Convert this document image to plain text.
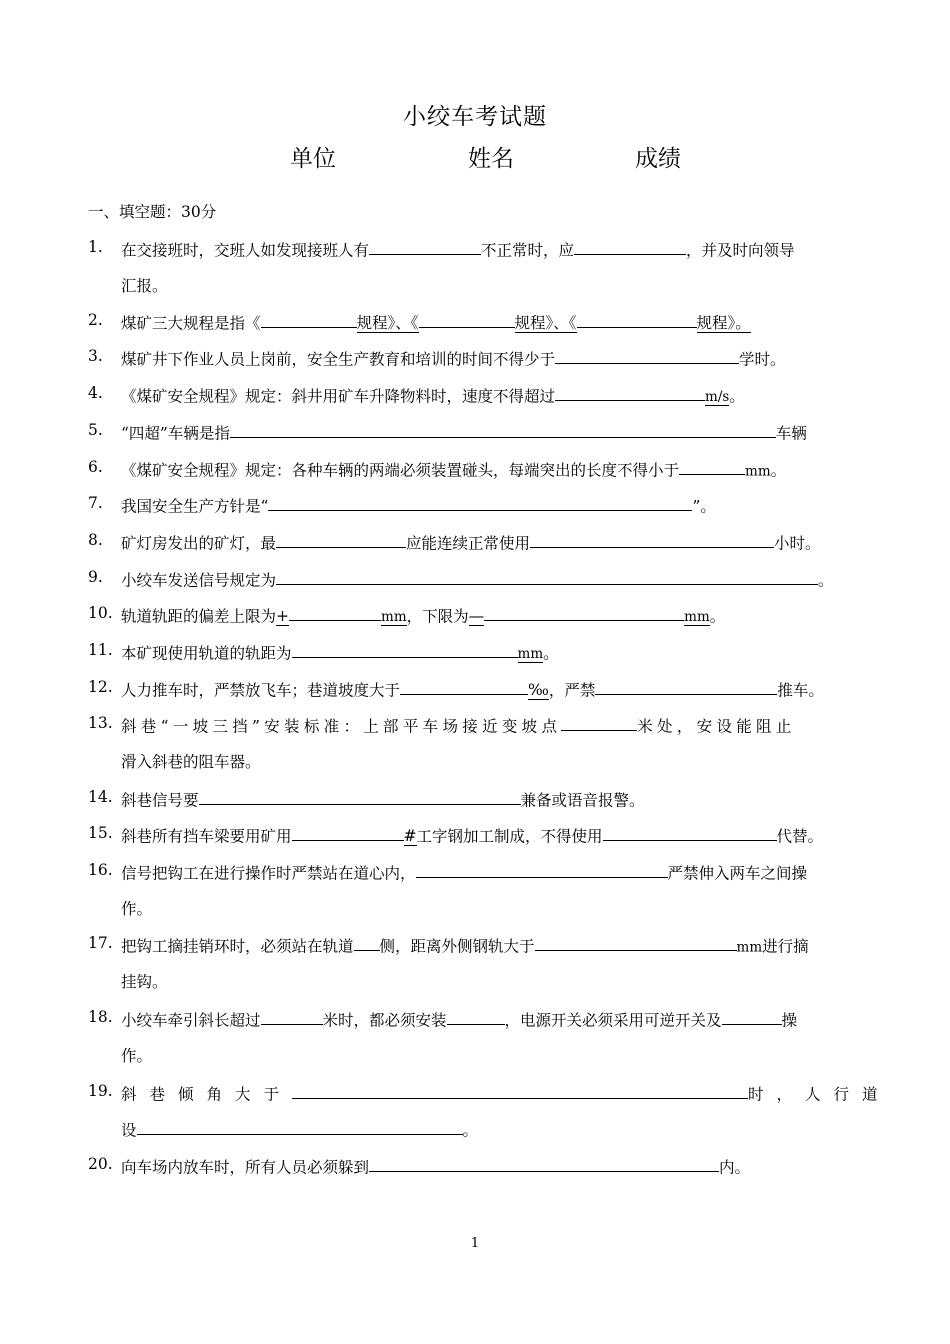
小绞车考试题
单位	姓名	成绩
一、填空题：30分
1.	在交接班时，交班人如发现接班人有	不正常时，应	，并及时向领导
汇报。
2.	煤矿三大规程是指《	规程》、《	规程》、《	规程》。
3.	煤矿井下作业人员上岗前，安全生产教育和培训的时间不得少于	学时。
4.	《煤矿安全规程》规定：斜井用矿车升降物料时，速度不得超过	m/s。
5.	“四超”车辆是指	车辆
6.	《煤矿安全规程》规定：各种车辆的两端必须装置碰头，每端突出的长度不得小于	mm。
7.	我国安全生产方针是“	”。
8.	矿灯房发出的矿灯，最	应能连续正常使用	小时。
9.	小绞车发送信号规定为	。
10. 轨道轨距的偏差上限为+	mm，下限为—	mm。
11. 本矿现使用轨道的轨距为	mm。
12. 人力推车时，严禁放飞车；巷道坡度大于	‰，严禁	推车。
13. 斜巷“一坡三挡”安装标准：上部平车场接近变坡点	米处，安设能阻止
滑入斜巷的阻车器。
14. 斜巷信号要	兼备或语音报警。
15. 斜巷所有挡车梁要用矿用	#工字钢加工制成，不得使用	代替。
16. 信号把钩工在进行操作时严禁站在道心内，	严禁伸入两车之间操
作。
17. 把钩工摘挂销环时，必须站在轨道 侧，距离外侧钢轨大于	mm进行摘
挂钩。
18. 小绞车牵引斜长超过	米时，都必须安装	，电源开关必须采用可逆开关及	操
作。
19. 斜巷倾角大于	时，人行道
设	。
20. 向车场内放车时，所有人员必须躲到	内。
1
